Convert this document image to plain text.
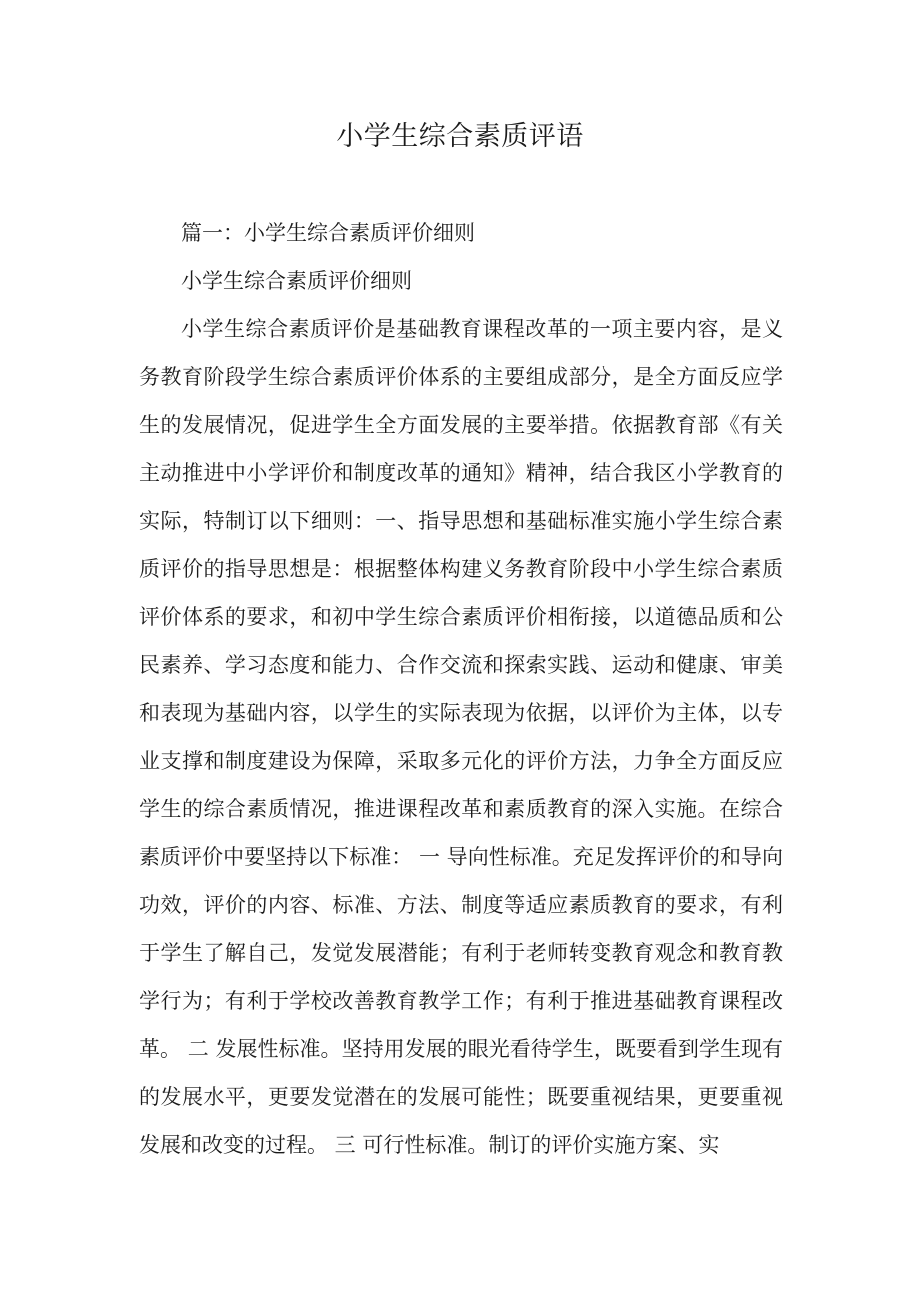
小学生综合素质评语

篇一：小学生综合素质评价细则

小学生综合素质评价细则

小学生综合素质评价是基础教育课程改革的一项主要内容，是义务教育阶段学生综合素质评价体系的主要组成部分，是全方面反应学生的发展情况，促进学生全方面发展的主要举措。依据教育部《有关主动推进中小学评价和制度改革的通知》精神，结合我区小学教育的实际，特制订以下细则：一、指导思想和基础标准实施小学生综合素质评价的指导思想是：根据整体构建义务教育阶段中小学生综合素质评价体系的要求，和初中学生综合素质评价相衔接，以道德品质和公民素养、学习态度和能力、合作交流和探索实践、运动和健康、审美和表现为基础内容，以学生的实际表现为依据，以评价为主体，以专业支撑和制度建设为保障，采取多元化的评价方法，力争全方面反应学生的综合素质情况，推进课程改革和素质教育的深入实施。在综合素质评价中要坚持以下标准： 一 导向性标准。充足发挥评价的和导向功效，评价的内容、标准、方法、制度等适应素质教育的要求，有利于学生了解自己，发觉发展潜能；有利于老师转变教育观念和教育教学行为；有利于学校改善教育教学工作；有利于推进基础教育课程改革。 二 发展性标准。坚持用发展的眼光看待学生，既要看到学生现有的发展水平，更要发觉潜在的发展可能性；既要重视结果，更要重视发展和改变的过程。 三 可行性标准。制订的评价实施方案、实
